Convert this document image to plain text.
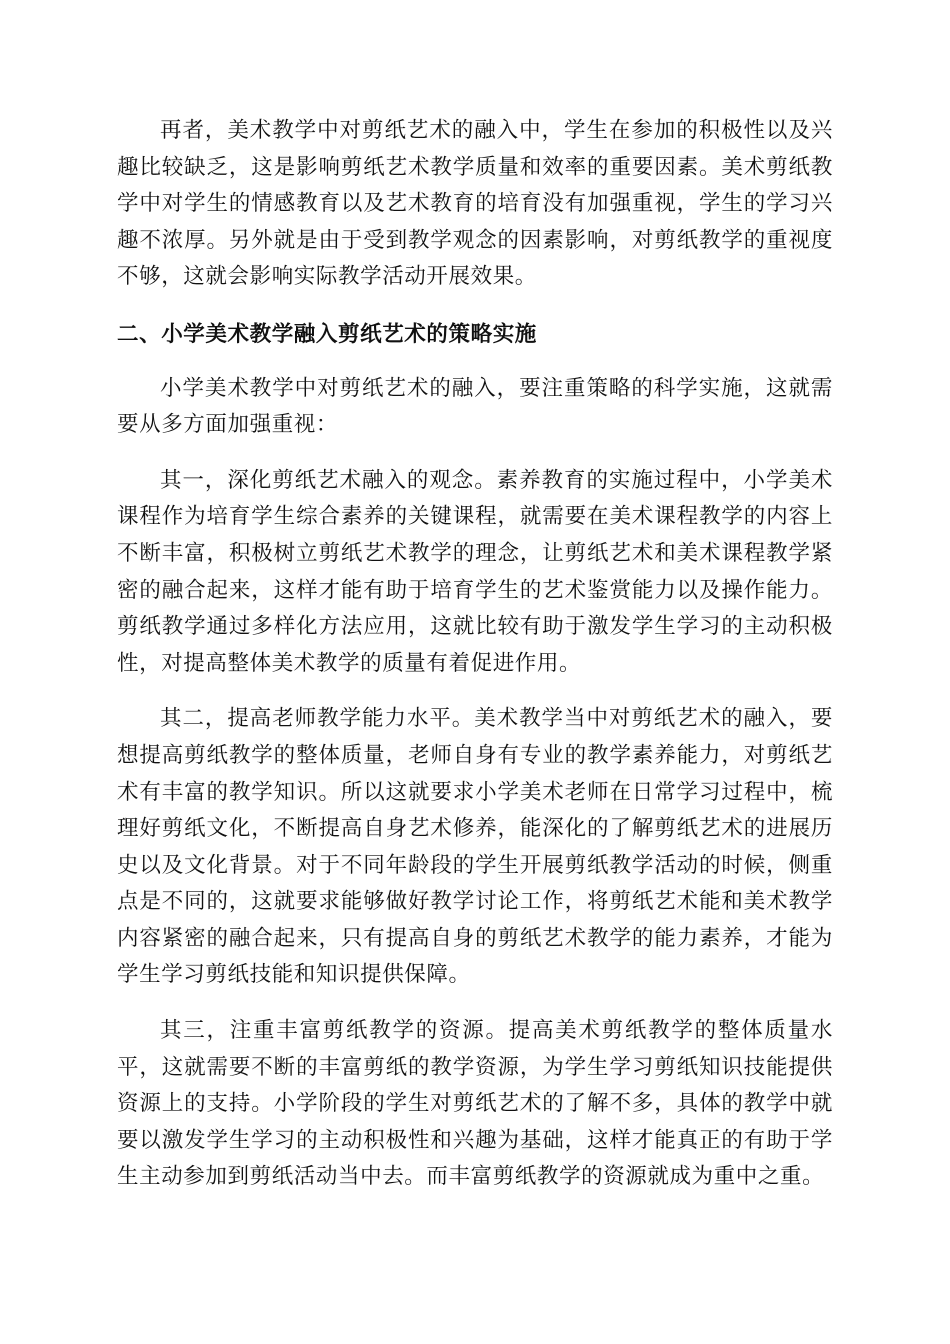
再者，美术教学中对剪纸艺术的融入中，学生在参加的积极性以及兴趣比较缺乏，这是影响剪纸艺术教学质量和效率的重要因素。美术剪纸教学中对学生的情感教育以及艺术教育的培育没有加强重视，学生的学习兴趣不浓厚。另外就是由于受到教学观念的因素影响，对剪纸教学的重视度不够，这就会影响实际教学活动开展效果。

二、小学美术教学融入剪纸艺术的策略实施

小学美术教学中对剪纸艺术的融入，要注重策略的科学实施，这就需要从多方面加强重视：

其一，深化剪纸艺术融入的观念。素养教育的实施过程中，小学美术课程作为培育学生综合素养的关键课程，就需要在美术课程教学的内容上不断丰富，积极树立剪纸艺术教学的理念，让剪纸艺术和美术课程教学紧密的融合起来，这样才能有助于培育学生的艺术鉴赏能力以及操作能力。剪纸教学通过多样化方法应用，这就比较有助于激发学生学习的主动积极性，对提高整体美术教学的质量有着促进作用。

其二，提高老师教学能力水平。美术教学当中对剪纸艺术的融入，要想提高剪纸教学的整体质量，老师自身有专业的教学素养能力，对剪纸艺术有丰富的教学知识。所以这就要求小学美术老师在日常学习过程中，梳理好剪纸文化，不断提高自身艺术修养，能深化的了解剪纸艺术的进展历史以及文化背景。对于不同年龄段的学生开展剪纸教学活动的时候，侧重点是不同的，这就要求能够做好教学讨论工作，将剪纸艺术能和美术教学内容紧密的融合起来，只有提高自身的剪纸艺术教学的能力素养，才能为学生学习剪纸技能和知识提供保障。

其三，注重丰富剪纸教学的资源。提高美术剪纸教学的整体质量水平，这就需要不断的丰富剪纸的教学资源，为学生学习剪纸知识技能提供资源上的支持。小学阶段的学生对剪纸艺术的了解不多，具体的教学中就要以激发学生学习的主动积极性和兴趣为基础，这样才能真正的有助于学生主动参加到剪纸活动当中去。而丰富剪纸教学的资源就成为重中之重。
